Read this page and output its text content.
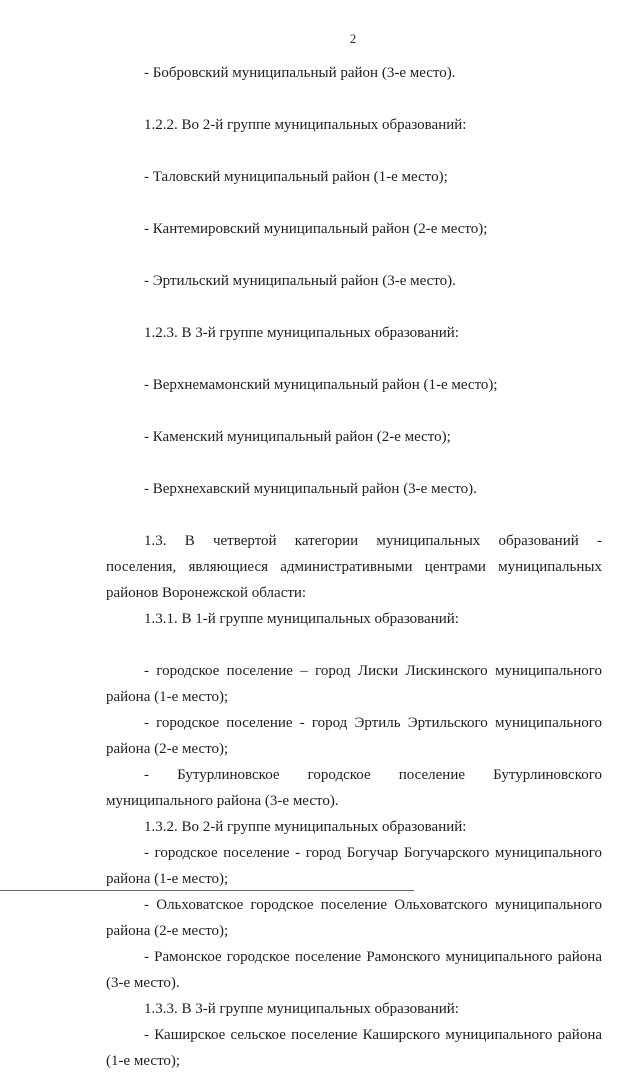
2
- Бобровский муниципальный район (3-е место).
1.2.2. Во 2-й группе муниципальных образований:
- Таловский муниципальный район (1-е место);
- Кантемировский муниципальный район (2-е место);
- Эртильский муниципальный район (3-е место).
1.2.3. В 3-й группе муниципальных образований:
- Верхнемамонский муниципальный район (1-е место);
- Каменский муниципальный район (2-е место);
- Верхнехавский муниципальный район (3-е место).
1.3. В четвертой категории муниципальных образований -
поселения, являющиеся административными центрами муниципальных
районов Воронежской области:
1.3.1. В 1-й группе муниципальных образований:
- городское поселение – город Лиски Лискинского муниципального
района (1-е место);
- городское поселение - город Эртиль Эртильского муниципального
района (2-е место);
- Бутурлиновское городское поселение Бутурлиновского
муниципального района (3-е место).
1.3.2. Во 2-й группе муниципальных образований:
- городское поселение - город Богучар Богучарского муниципального
района (1-е место);
- Ольховатское городское поселение Ольховатского муниципального
района (2-е место);
- Рамонское городское поселение Рамонского муниципального района
(3-е место).
1.3.3. В 3-й группе муниципальных образований:
- Каширское сельское поселение Каширского муниципального района
(1-е место);
